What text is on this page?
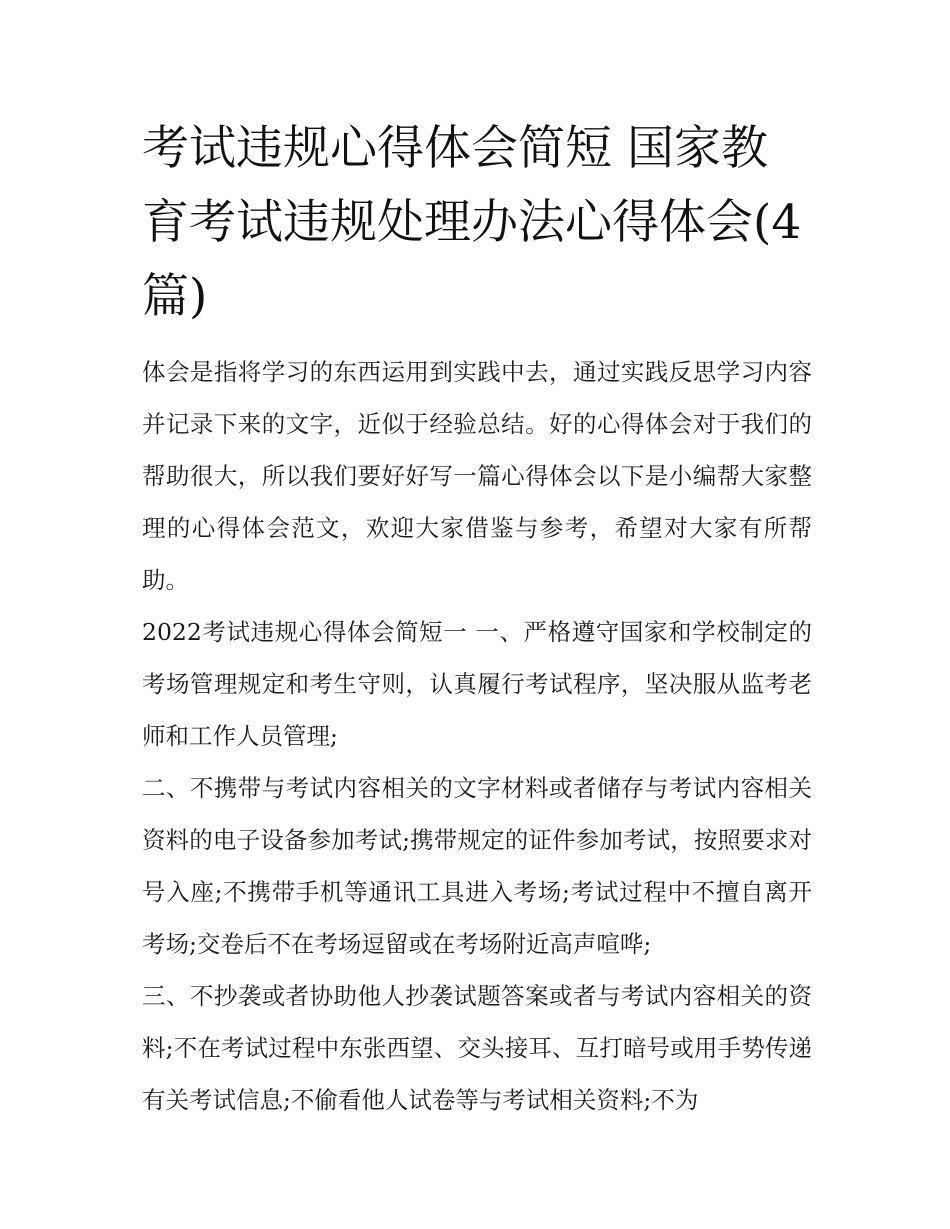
考试违规心得体会简短 国家教育考试违规处理办法心得体会(4篇)

体会是指将学习的东西运用到实践中去，通过实践反思学习内容并记录下来的文字，近似于经验总结。好的心得体会对于我们的帮助很大，所以我们要好好写一篇心得体会以下是小编帮大家整理的心得体会范文，欢迎大家借鉴与参考，希望对大家有所帮助。

2022考试违规心得体会简短一 一、严格遵守国家和学校制定的考场管理规定和考生守则，认真履行考试程序，坚决服从监考老师和工作人员管理;

二、不携带与考试内容相关的文字材料或者储存与考试内容相关资料的电子设备参加考试;携带规定的证件参加考试，按照要求对号入座;不携带手机等通讯工具进入考场;考试过程中不擅自离开考场;交卷后不在考场逗留或在考场附近高声喧哗;

三、不抄袭或者协助他人抄袭试题答案或者与考试内容相关的资料;不在考试过程中东张西望、交头接耳、互打暗号或用手势传递有关考试信息;不偷看他人试卷等与考试相关资料;不为
